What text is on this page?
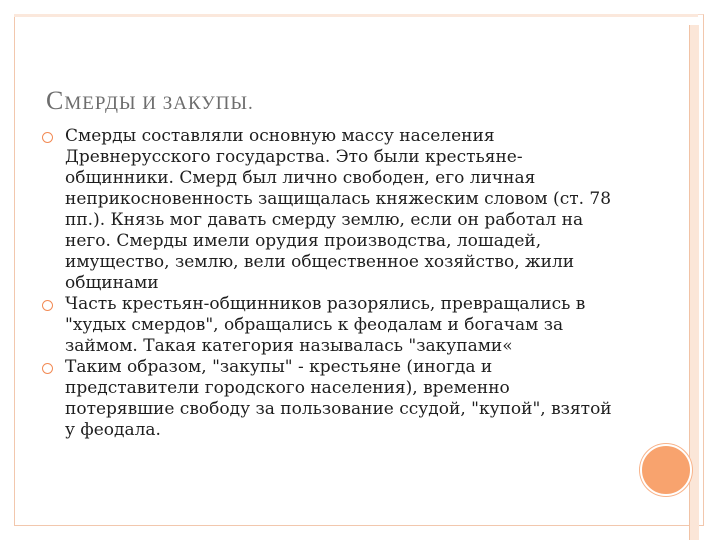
СМЕРДЫ И ЗАКУПЫ.
Смерды составляли основную массу населения Древнерусского государства. Это были крестьяне-общинники. Смерд был лично свободен, его личная неприкосновенность защищалась княжеским словом (ст. 78 пп.). Князь мог давать смерду землю, если он работал на него. Смерды имели орудия производства, лошадей, имущество, землю, вели общественное хозяйство, жили общинами
Часть крестьян-общинников разорялись, превращались в "худых смердов", обращались к феодалам и богачам за займом. Такая категория называлась "закупами«
Таким образом, "закупы" - крестьяне (иногда и представители городского населения), временно потерявшие свободу за пользование ссудой, "купой", взятой у феодала.
